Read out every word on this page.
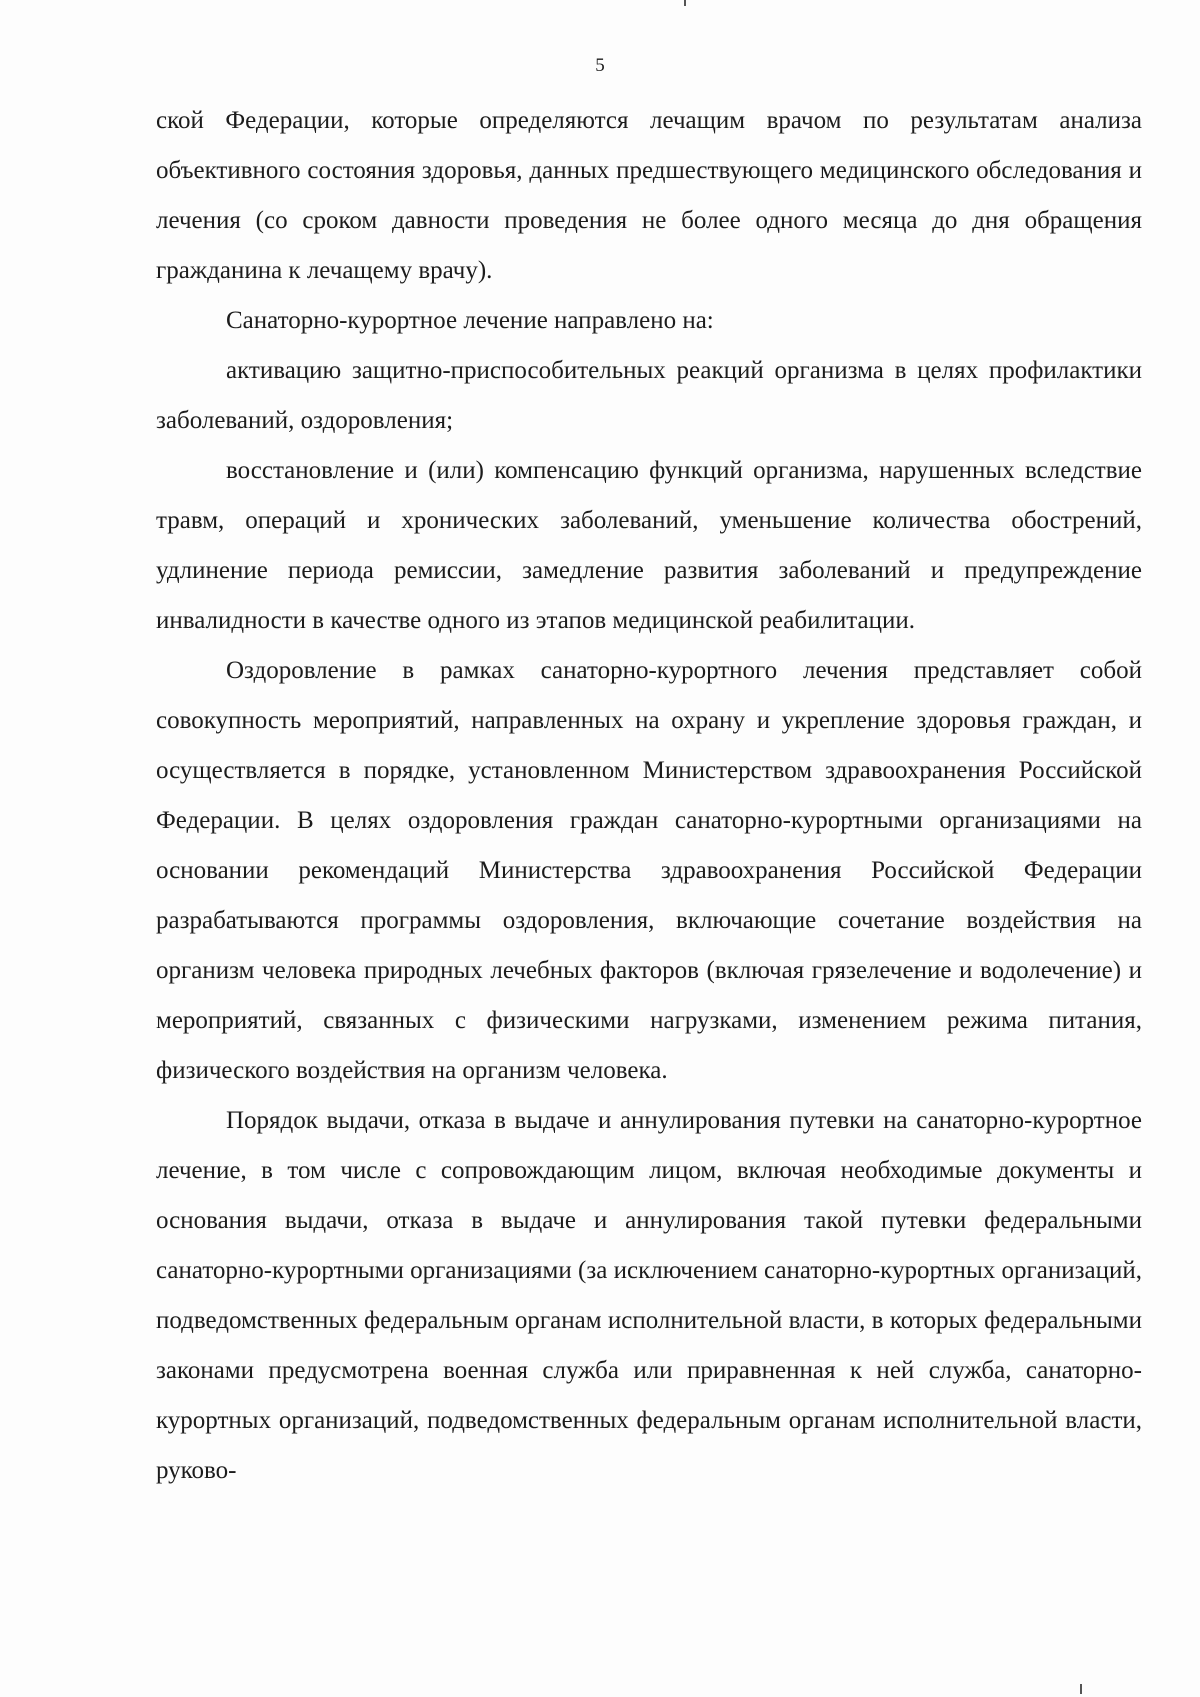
5

ской Федерации, которые определяются лечащим врачом по результатам анализа объективного состояния здоровья, данных предшествующего медицинского обследования и лечения (со сроком давности проведения не более одного месяца до дня обращения гражданина к лечащему врачу).

Санаторно-курортное лечение направлено на:

активацию защитно-приспособительных реакций организма в целях профилактики заболеваний, оздоровления;

восстановление и (или) компенсацию функций организма, нарушенных вследствие травм, операций и хронических заболеваний, уменьшение количества обострений, удлинение периода ремиссии, замедление развития заболеваний и предупреждение инвалидности в качестве одного из этапов медицинской реабилитации.

Оздоровление в рамках санаторно-курортного лечения представляет собой совокупность мероприятий, направленных на охрану и укрепление здоровья граждан, и осуществляется в порядке, установленном Министерством здравоохранения Российской Федерации. В целях оздоровления граждан санаторно-курортными организациями на основании рекомендаций Министерства здравоохранения Российской Федерации разрабатываются программы оздоровления, включающие сочетание воздействия на организм человека природных лечебных факторов (включая грязелечение и водолечение) и мероприятий, связанных с физическими нагрузками, изменением режима питания, физического воздействия на организм человека.

Порядок выдачи, отказа в выдаче и аннулирования путевки на санаторно-курортное лечение, в том числе с сопровождающим лицом, включая необходимые документы и основания выдачи, отказа в выдаче и аннулирования такой путевки федеральными санаторно-курортными организациями (за исключением санаторно-курортных организаций, подведомственных федеральным органам исполнительной власти, в которых федеральными законами предусмотрена военная служба или приравненная к ней служба, санаторно-курортных организаций, подведомственных федеральным органам исполнительной власти, руково-
